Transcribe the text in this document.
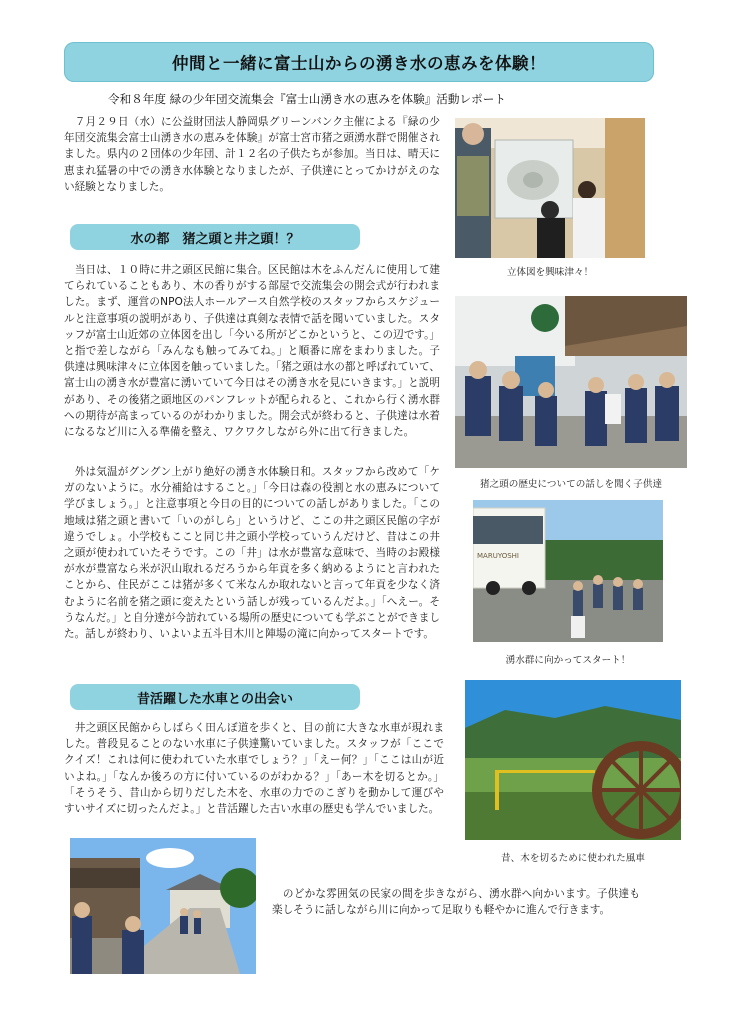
仲間と一緒に富士山からの湧き水の恵みを体験！
令和８年度 緑の少年団交流集会『富士山湧き水の恵みを体験』活動レポート

　７月２９日（水）に公益財団法人静岡県グリーンバンク主催による『緑の少年団交流集会富士山湧き水の恵みを体験』が富士宮市猪之頭湧水群で開催されました。県内の２団体の少年団、計１２名の子供たちが参加。当日は、晴天に恵まれ猛暑の中での湧き水体験となりましたが、子供達にとってかけがえのない経験となりました。

立体図を興味津々！
水の都　猪之頭と井之頭！？

　当日は、１０時に井之頭区民館に集合。区民館は木をふんだんに使用して建てられていることもあり、木の香りがする部屋で交流集会の開会式が行われました。まず、運営のNPO法人ホールアース自然学校のスタッフからスケジュールと注意事項の説明があり、子供達は真剣な表情で話を聞いていました。スタッフが富士山近郊の立体図を出し「今いる所がどこかというと、この辺です。」と指で差しながら「みんなも触ってみてね。」と順番に席をまわりました。子供達は興味津々に立体図を触っていました。「猪之頭は水の都と呼ばれていて、富士山の湧き水が豊富に湧いていて今日はその湧き水を見にいきます。」と説明があり、その後猪之頭地区のパンフレットが配られると、これから行く湧水群への期待が高まっているのがわかりました。開会式が終わると、子供達は水着になるなど川に入る準備を整え、ワクワクしながら外に出て行きました。

　外は気温がグングン上がり絶好の湧き水体験日和。スタッフから改めて「ケガのないように。水分補給はすること。」「今日は森の役割と水の恵みについて学びましょう。」と注意事項と今日の目的についての話しがありました。「この地域は猪之頭と書いて「いのがしら」というけど、ここの井之頭区民館の字が違うでしょ。小学校もここと同じ井之頭小学校っていうんだけど、昔はこの井之頭が使われていたそうです。この「井」は水が豊富な意味で、当時のお殿様が水が豊富なら米が沢山取れるだろうから年貢を多く納めるようにと言われたことから、住民がここは猪が多くて米なんか取れないと言って年貢を少なく済むように名前を猪之頭に変えたという話しが残っているんだよ。」「へえー。そうなんだ。」と自分達が今訪れている場所の歴史についても学ぶことができました。話しが終わり、いよいよ五斗目木川と陣場の滝に向かってスタートです。

猪之頭の歴史についての話しを聞く子供達
MARUYOSHI
湧水群に向かってスタート！
昔活躍した水車との出会い

　井之頭区民館からしばらく田んぼ道を歩くと、目の前に大きな水車が現れました。普段見ることのない水車に子供達驚いていました。スタッフが「ここでクイズ！これは何に使われていた水車でしょう？」「えー何？」「ここは山が近いよね。」「なんか後ろの方に付いているのがわかる？」「あー木を切るとか。」「そうそう、昔山から切りだした木を、水車の力でのこぎりを動かして運びやすいサイズに切ったんだよ。」と昔活躍した古い水車の歴史も学んでいました。

昔、木を切るために使われた風車

　のどかな雰囲気の民家の間を歩きながら、湧水群へ向かいます。子供達も楽しそうに話しながら川に向かって足取りも軽やかに進んで行きます。
